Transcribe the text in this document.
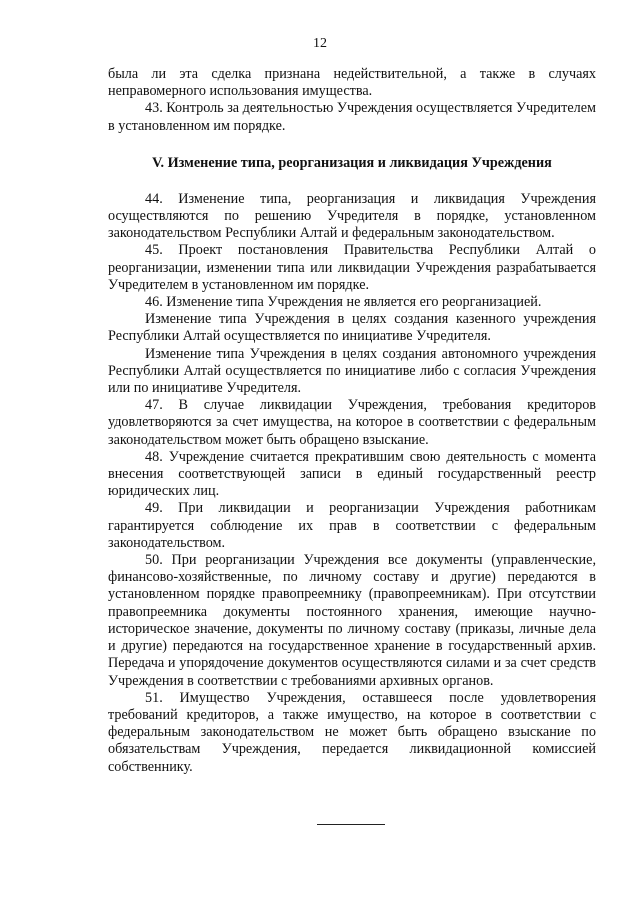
12

была ли эта сделка признана недействительной, а также в случаях неправомерного использования имущества.

43. Контроль за деятельностью Учреждения осуществляется Учредителем в установленном им порядке.

V. Изменение типа, реорганизация и ликвидация Учреждения

44. Изменение типа, реорганизация и ликвидация Учреждения осуществляются по решению Учредителя в порядке, установленном законодательством Республики Алтай и федеральным законодательством.

45. Проект постановления Правительства Республики Алтай о реорганизации, изменении типа или ликвидации Учреждения разрабатывается Учредителем в установленном им порядке.

46. Изменение типа Учреждения не является его реорганизацией.

Изменение типа Учреждения в целях создания казенного учреждения Республики Алтай осуществляется по инициативе Учредителя.

Изменение типа Учреждения в целях создания автономного учреждения Республики Алтай осуществляется по инициативе либо с согласия Учреждения или по инициативе Учредителя.

47. В случае ликвидации Учреждения, требования кредиторов удовлетворяются за счет имущества, на которое в соответствии с федеральным законодательством может быть обращено взыскание.

48. Учреждение считается прекратившим свою деятельность с момента внесения соответствующей записи в единый государственный реестр юридических лиц.

49. При ликвидации и реорганизации Учреждения работникам гарантируется соблюдение их прав в соответствии с федеральным законодательством.

50. При реорганизации Учреждения все документы (управленческие, финансово-хозяйственные, по личному составу и другие) передаются в установленном порядке правопреемнику (правопреемникам). При отсутствии правопреемника документы постоянного хранения, имеющие научно-историческое значение, документы по личному составу (приказы, личные дела и другие) передаются на государственное хранение в государственный архив. Передача и упорядочение документов осуществляются силами и за счет средств Учреждения в соответствии с требованиями архивных органов.

51. Имущество Учреждения, оставшееся после удовлетворения требований кредиторов, а также имущество, на которое в соответствии с федеральным законодательством не может быть обращено взыскание по обязательствам Учреждения, передается ликвидационной комиссией собственнику.
